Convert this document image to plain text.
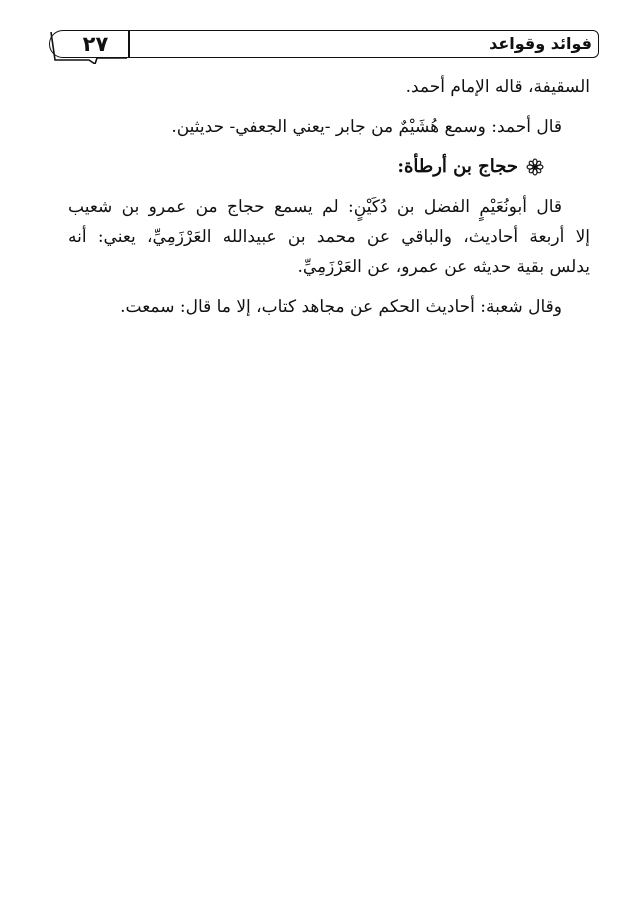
٢٧	فوائد وقواعد
السقيفة، قاله الإمام أحمد.
قال أحمد: وسمع هُشَيْمٌ من جابر -يعني الجعفي- حديثين.
حجاج بن أرطأة:
قال أبونُعَيْمٍ الفضل بن دُكَيْنٍ: لم يسمع حجاج من عمرو بن شعيب
إلا أربعة أحاديث، والباقي عن محمد بن عبيدالله العَرْزَمِيِّ، يعني: أنه
يدلس بقية حديثه عن عمرو، عن العَرْزَمِيِّ.
وقال شعبة: أحاديث الحكم عن مجاهد كتاب، إلا ما قال: سمعت.
